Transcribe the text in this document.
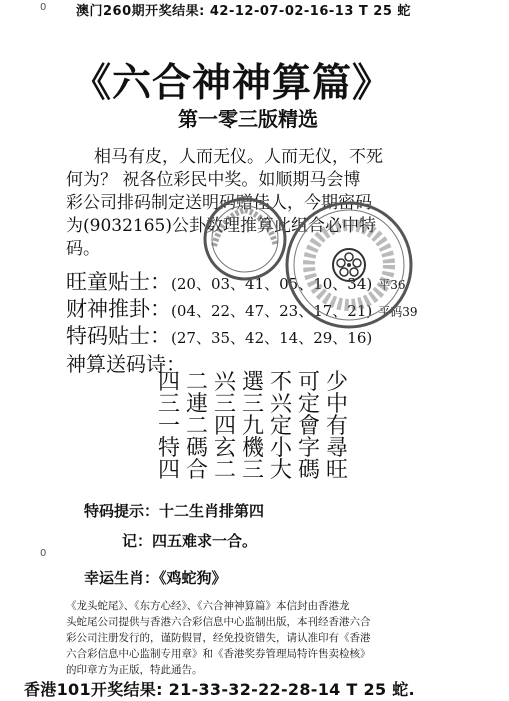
0
0
澳门260期开奖结果: 42-12-07-02-16-13 T 25 蛇
《六合神神算篇》
第一零三版精选

相马有皮，人而无仪。人而无仪，不死

何为？ 祝各位彩民中奖。如顺期马会博

彩公司排码制定送明码赠佳人，今期密码

为(9032165)公卦数理推算此组合必中特

码。

旺童贴士：(20、03、41、05、10、34) 平36
财神推卦：(04、22、47、23、17、21) 平码39
特码贴士：(27、35、42、14、29、16)
神算送码诗：
四二兴選不可少
三連三三兴定中
一二四九定會有
特碼玄機小字尋
四合二三大碼旺
特码提示：十二生肖排第四
记：四五难求一合。
幸运生肖：《鸡蛇狗》

《龙头蛇尾》、《东方心经》、《六合神神算篇》本信封由香港龙

头蛇尾公司提供与香港六合彩信息中心监制出版，本刊经香港六合

彩公司注册发行的，谨防假冒，经免投资错失，请认准印有《香港

六合彩信息中心监制专用章》和《香港奖券管理局特许售卖检核》

的印章方为正版，特此通告。

香港101开奖结果: 21-33-32-22-28-14 T 25 蛇.
